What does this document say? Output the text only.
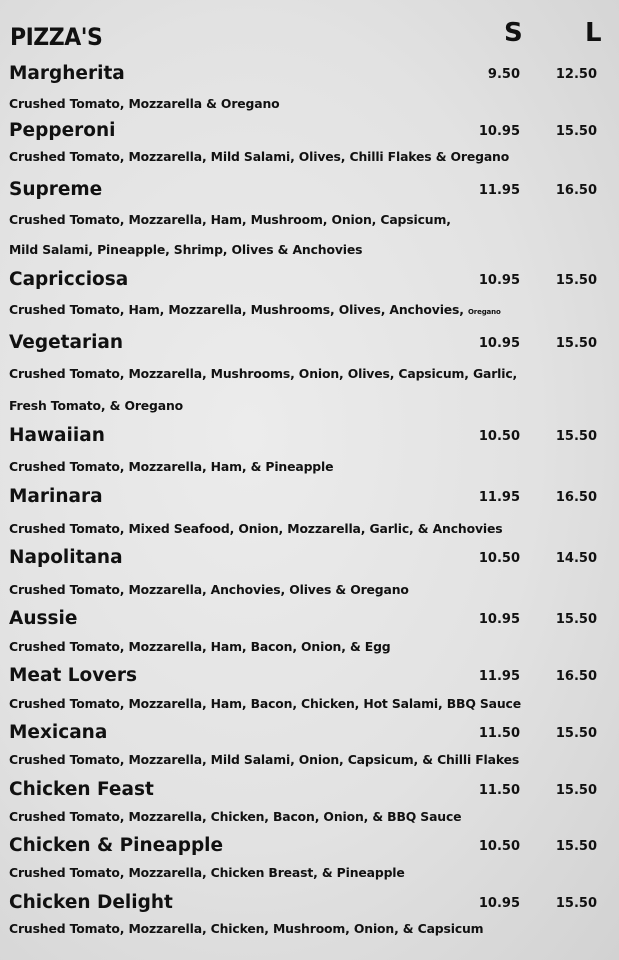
PIZZA'S	S L
Margherita	9.50	12.50
Crushed Tomato, Mozzarella & Oregano
Pepperoni	10.95	15.50
Crushed Tomato, Mozzarella, Mild Salami, Olives, Chilli Flakes & Oregano
Supreme	11.95	16.50
Crushed Tomato, Mozzarella, Ham, Mushroom, Onion, Capsicum,
Mild Salami, Pineapple, Shrimp, Olives & Anchovies
Capricciosa	10.95	15.50
Crushed Tomato, Ham, Mozzarella, Mushrooms, Olives, Anchovies, Oregano
Vegetarian	10.95	15.50
Crushed Tomato, Mozzarella, Mushrooms, Onion, Olives, Capsicum, Garlic,
Fresh Tomato, & Oregano
Hawaiian	10.50	15.50
Crushed Tomato, Mozzarella, Ham, & Pineapple
Marinara	11.95	16.50
Crushed Tomato, Mixed Seafood, Onion, Mozzarella, Garlic, & Anchovies
Napolitana	10.50	14.50
Crushed Tomato, Mozzarella, Anchovies, Olives & Oregano
Aussie	10.95	15.50
Crushed Tomato, Mozzarella, Ham, Bacon, Onion, & Egg
Meat Lovers	11.95	16.50
Crushed Tomato, Mozzarella, Ham, Bacon, Chicken, Hot Salami, BBQ Sauce
Mexicana	11.50	15.50
Crushed Tomato, Mozzarella, Mild Salami, Onion, Capsicum, & Chilli Flakes
Chicken Feast	11.50	15.50
Crushed Tomato, Mozzarella, Chicken, Bacon, Onion, & BBQ Sauce
Chicken & Pineapple	10.50	15.50
Crushed Tomato, Mozzarella, Chicken Breast, & Pineapple
Chicken Delight	10.95	15.50
Crushed Tomato, Mozzarella, Chicken, Mushroom, Onion, & Capsicum
